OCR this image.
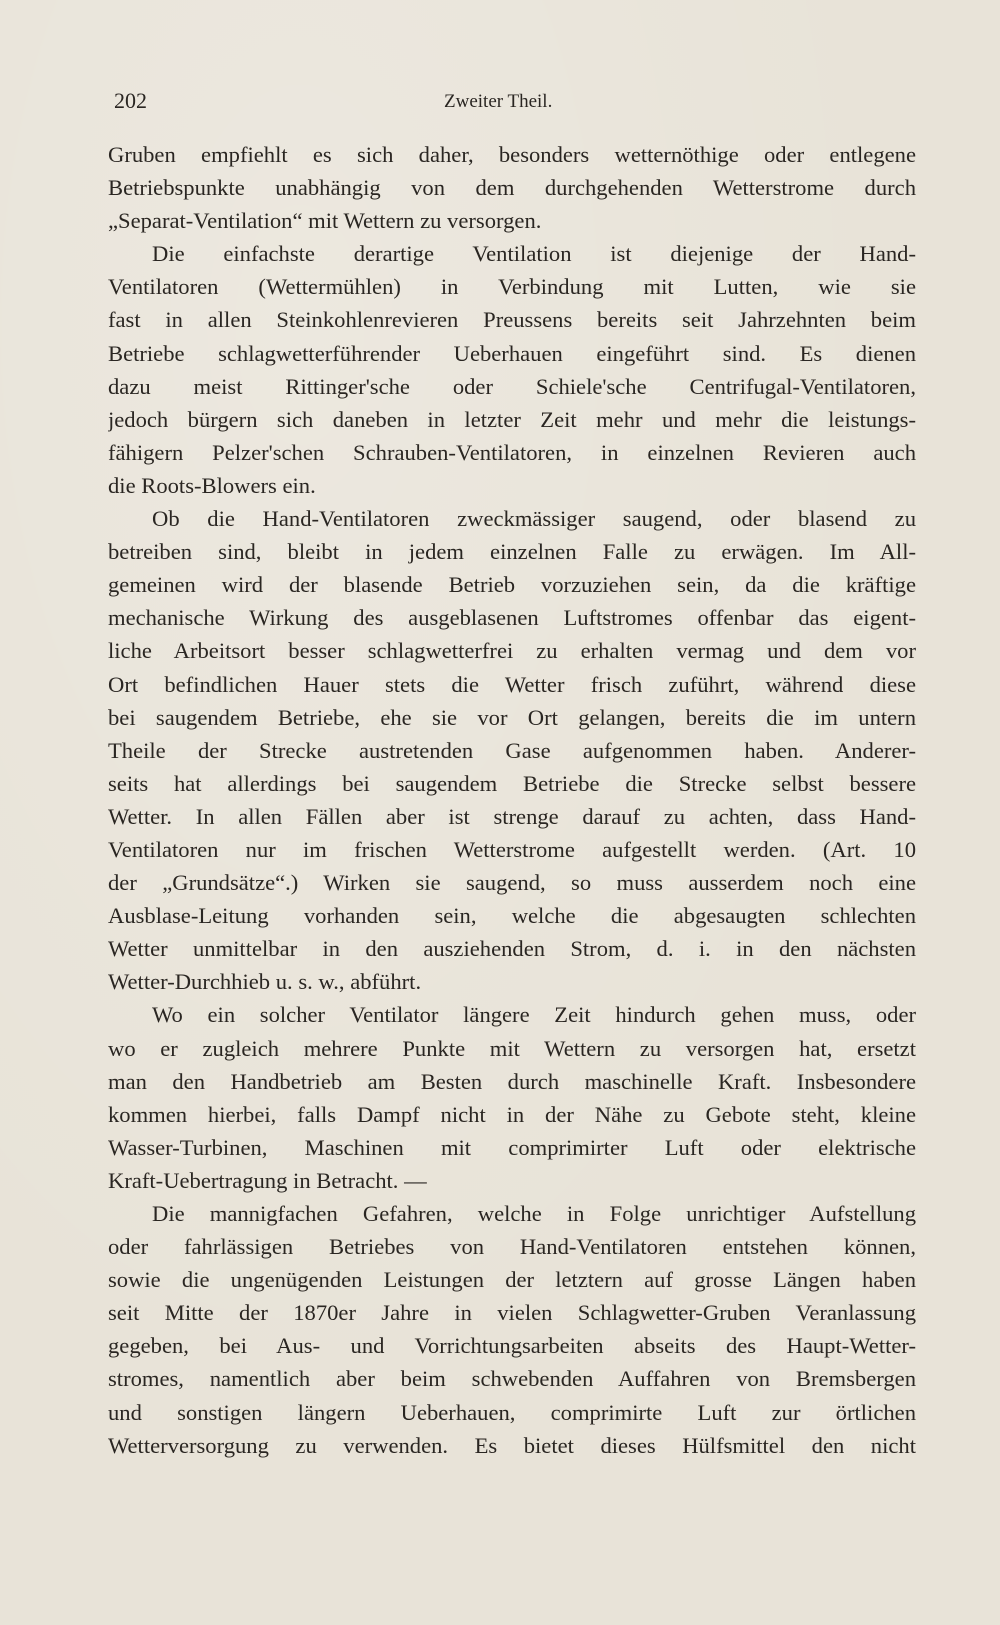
202	Zweiter Theil.
Gruben empfiehlt es sich daher, besonders wetternöthige oder entlegene
Betriebspunkte unabhängig von dem durchgehenden Wetterstrome durch
„Separat-Ventilation“ mit Wettern zu versorgen.
Die einfachste derartige Ventilation ist diejenige der Hand-
Ventilatoren (Wettermühlen) in Verbindung mit Lutten, wie sie
fast in allen Steinkohlenrevieren Preussens bereits seit Jahrzehnten beim
Betriebe schlagwetterführender Ueberhauen eingeführt sind. Es dienen
dazu meist Rittinger'sche oder Schiele'sche Centrifugal-Ventilatoren,
jedoch bürgern sich daneben in letzter Zeit mehr und mehr die leistungs-
fähigern Pelzer'schen Schrauben-Ventilatoren, in einzelnen Revieren auch
die Roots-Blowers ein.
Ob die Hand-Ventilatoren zweckmässiger saugend, oder blasend zu
betreiben sind, bleibt in jedem einzelnen Falle zu erwägen. Im All-
gemeinen wird der blasende Betrieb vorzuziehen sein, da die kräftige
mechanische Wirkung des ausgeblasenen Luftstromes offenbar das eigent-
liche Arbeitsort besser schlagwetterfrei zu erhalten vermag und dem vor
Ort befindlichen Hauer stets die Wetter frisch zuführt, während diese
bei saugendem Betriebe, ehe sie vor Ort gelangen, bereits die im untern
Theile der Strecke austretenden Gase aufgenommen haben. Anderer-
seits hat allerdings bei saugendem Betriebe die Strecke selbst bessere
Wetter. In allen Fällen aber ist strenge darauf zu achten, dass Hand-
Ventilatoren nur im frischen Wetterstrome aufgestellt werden. (Art. 10
der „Grundsätze“.) Wirken sie saugend, so muss ausserdem noch eine
Ausblase-Leitung vorhanden sein, welche die abgesaugten schlechten
Wetter unmittelbar in den ausziehenden Strom, d. i. in den nächsten
Wetter-Durchhieb u. s. w., abführt.
Wo ein solcher Ventilator längere Zeit hindurch gehen muss, oder
wo er zugleich mehrere Punkte mit Wettern zu versorgen hat, ersetzt
man den Handbetrieb am Besten durch maschinelle Kraft. Insbesondere
kommen hierbei, falls Dampf nicht in der Nähe zu Gebote steht, kleine
Wasser-Turbinen, Maschinen mit comprimirter Luft oder elektrische
Kraft-Uebertragung in Betracht. —
Die mannigfachen Gefahren, welche in Folge unrichtiger Aufstellung
oder fahrlässigen Betriebes von Hand-Ventilatoren entstehen können,
sowie die ungenügenden Leistungen der letztern auf grosse Längen haben
seit Mitte der 1870er Jahre in vielen Schlagwetter-Gruben Veranlassung
gegeben, bei Aus- und Vorrichtungsarbeiten abseits des Haupt-Wetter-
stromes, namentlich aber beim schwebenden Auffahren von Bremsbergen
und sonstigen längern Ueberhauen, comprimirte Luft zur örtlichen
Wetterversorgung zu verwenden. Es bietet dieses Hülfsmittel den nicht
